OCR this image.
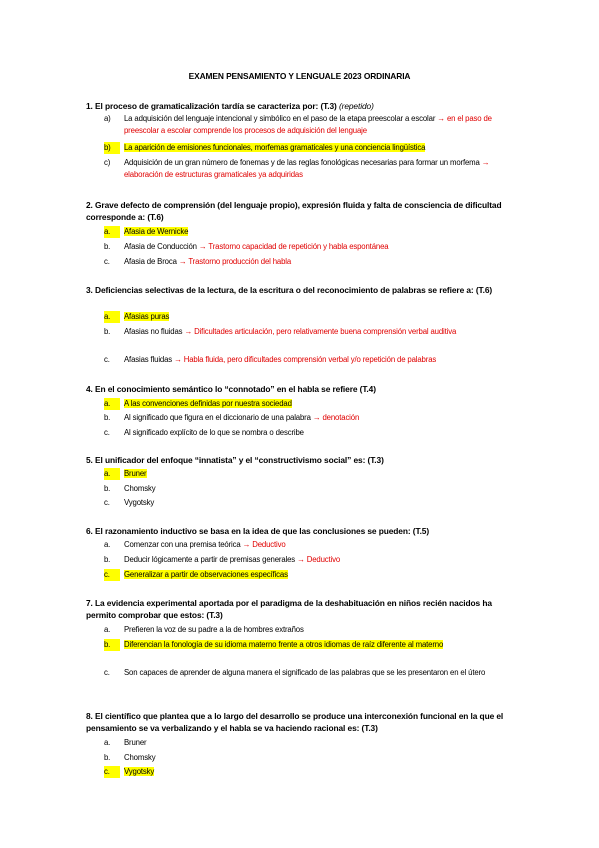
EXAMEN PENSAMIENTO Y LENGUALE 2023 ORDINARIA
1. El proceso de gramaticalización tardía se caracteriza por: (T.3) (repetido)
a)	La adquisición del lenguaje intencional y simbólico en el paso de la etapa preescolar a escolar → en el paso de preescolar a escolar comprende los procesos de adquisición del lenguaje
b)	La aparición de emisiones funcionales, morfemas gramaticales y una conciencia lingüística
c)	Adquisición de un gran número de fonemas y de las reglas fonológicas necesarias para formar un morfema → elaboración de estructuras gramaticales ya adquiridas
2. Grave defecto de comprensión (del lenguaje propio), expresión fluida y falta de consciencia de dificultad corresponde a: (T.6)
a.	Afasia de Wernicke
b.	Afasia de Conducción → Trastorno capacidad de repetición y habla espontánea
c.	Afasia de Broca → Trastorno producción del habla
3. Deficiencias selectivas de la lectura, de la escritura o del reconocimiento de palabras se refiere a: (T.6)
a.	Afasias puras
b.	Afasias no fluidas → Dificultades articulación, pero relativamente buena comprensión verbal auditiva
c.	Afasias fluidas → Habla fluida, pero dificultades comprensión verbal y/o repetición de palabras
4. En el conocimiento semántico lo “connotado” en el habla se refiere (T.4)
a.	A las convenciones definidas por nuestra sociedad
b.	Al significado que figura en el diccionario de una palabra → denotación
c.	Al significado explícito de lo que se nombra o describe
5. El unificador del enfoque “innatista” y el “constructivismo social” es: (T.3)
a.	Bruner
b.	Chomsky
c.	Vygotsky
6. El razonamiento inductivo se basa en la idea de que las conclusiones se pueden: (T.5)
a.	Comenzar con una premisa teórica → Deductivo
b.	Deducir lógicamente a partir de premisas generales → Deductivo
c.	Generalizar a partir de observaciones específicas
7. La evidencia experimental aportada por el paradigma de la deshabituación en niños recién nacidos ha permito comprobar que estos: (T.3)
a.	Prefieren la voz de su padre a la de hombres extraños
b.	Diferencian la fonología de su idioma materno frente a otros idiomas de raíz diferente al materno
c.	Son capaces de aprender de alguna manera el significado de las palabras que se les presentaron en el útero
8. El científico que plantea que a lo largo del desarrollo se produce una interconexión funcional en la que el pensamiento se va verbalizando y el habla se va haciendo racional es: (T.3)
a.	Bruner
b.	Chomsky
c.	Vygotsky
